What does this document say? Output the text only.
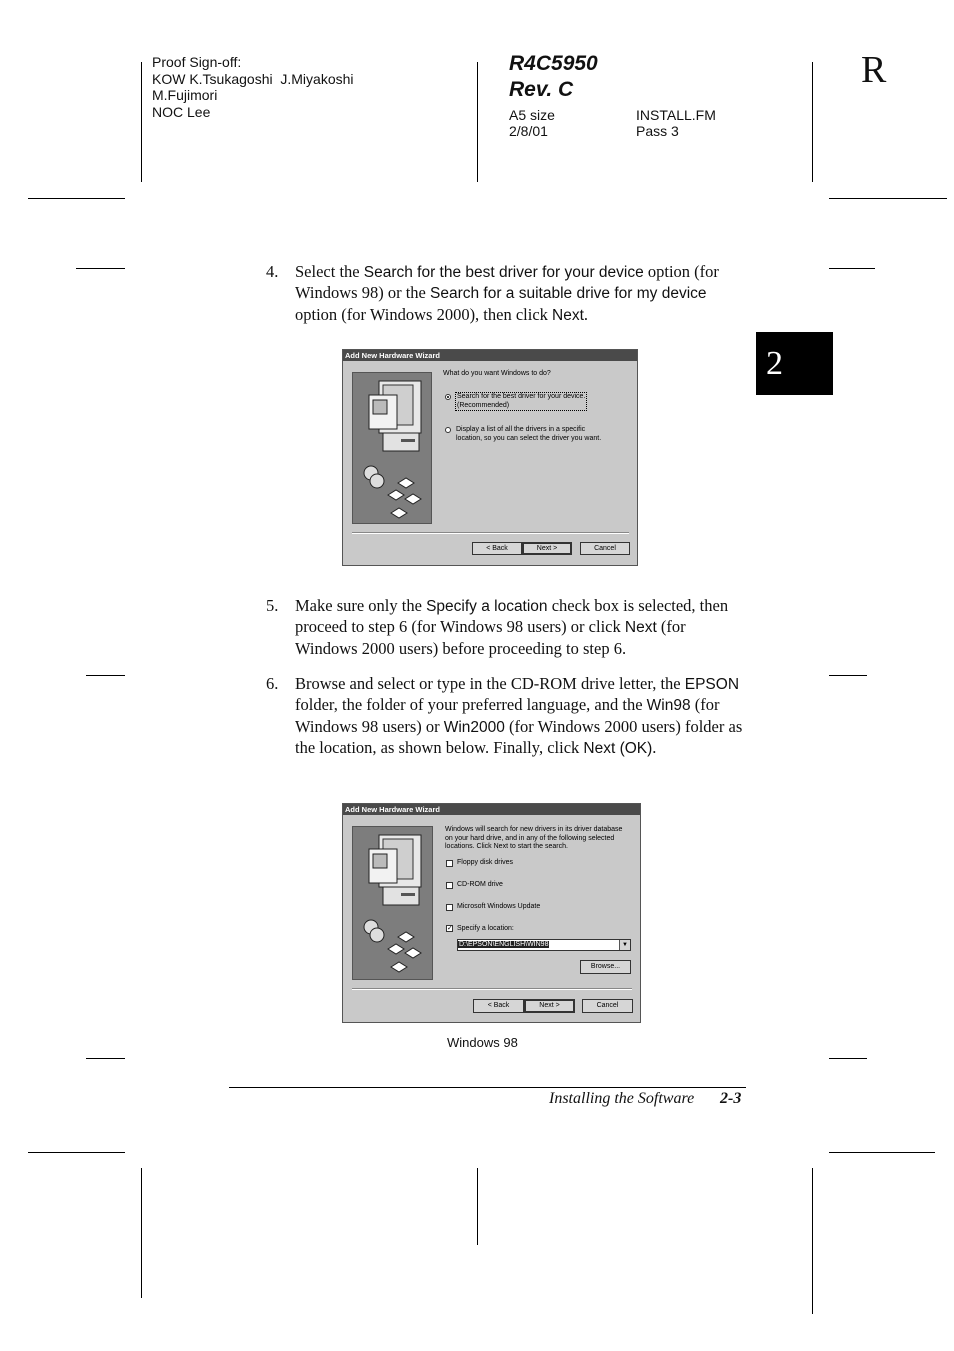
Proof Sign-off:
KOW K.Tsukagoshi  J.Miyakoshi
M.Fujimori
NOC Lee
R4C5950
Rev. C
A5 size
2/8/01
INSTALL.FM
Pass 3
R
2
4. Select the Search for the best driver for your device option (for Windows 98) or the Search for a suitable drive for my device option (for Windows 2000), then click Next.
Add New Hardware Wizard
What do you want Windows to do?
Search for the best driver for your device.
(Recommended)
Display a list of all the drivers in a specific
location, so you can select the driver you want.
< Back	Next >	Cancel
5. Make sure only the Specify a location check box is selected, then proceed to step 6 (for Windows 98 users) or click Next (for Windows 2000 users) before proceeding to step 6.
6. Browse and select or type in the CD-ROM drive letter, the EPSON folder, the folder of your preferred language, and the Win98 (for Windows 98 users) or Win2000 (for Windows 2000 users) folder as the location, as shown below. Finally, click Next (OK).
Add New Hardware Wizard
Windows will search for new drivers in its driver database
on your hard drive, and in any of the following selected
locations. Click Next to start the search.
Floppy disk drives
CD-ROM drive
Microsoft Windows Update
✓ Specify a location:
D:\EPSON\ENGLISH\WIN98	▼
Browse...
< Back	Next >	Cancel
Windows 98
Installing the Software 2-3
